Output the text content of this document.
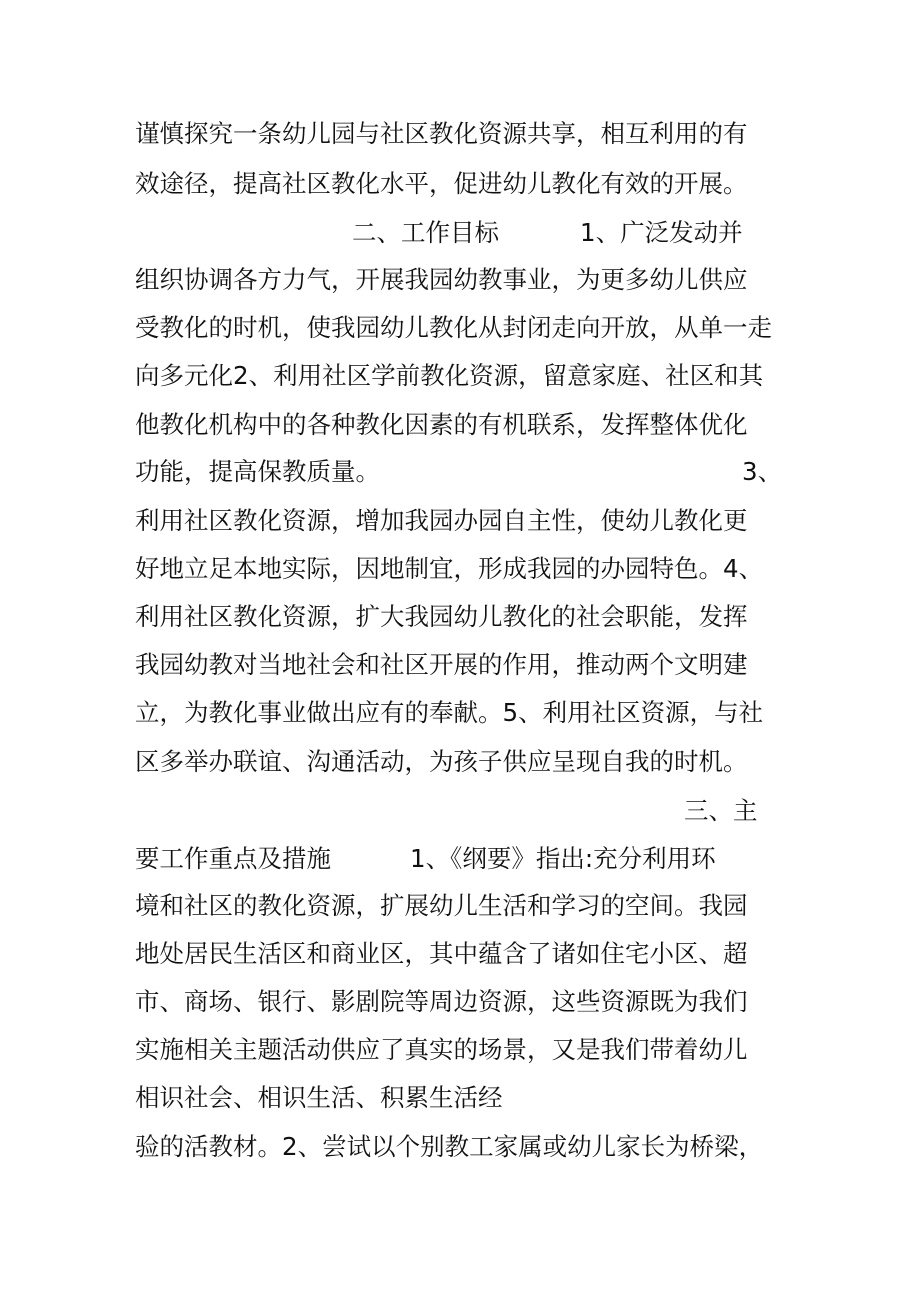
谨慎探究一条幼儿园与社区教化资源共享，相互利用的有
效途径，提高社区教化水平，促进幼儿教化有效的开展。
二、工作目标	1、广泛发动并
组织协调各方力气，开展我园幼教事业，为更多幼儿供应
受教化的时机，使我园幼儿教化从封闭走向开放，从单一走
向多元化2、利用社区学前教化资源，留意家庭、社区和其
他教化机构中的各种教化因素的有机联系，发挥整体优化
功能，提高保教质量。	3、
利用社区教化资源，增加我园办园自主性，使幼儿教化更
好地立足本地实际，因地制宜，形成我园的办园特色。4、
利用社区教化资源，扩大我园幼儿教化的社会职能，发挥
我园幼教对当地社会和社区开展的作用，推动两个文明建
立，为教化事业做出应有的奉献。5、利用社区资源，与社
区多举办联谊、沟通活动，为孩子供应呈现自我的时机。
三、主
要工作重点及措施	1、《纲要》指出:充分利用环
境和社区的教化资源，扩展幼儿生活和学习的空间。我园
地处居民生活区和商业区，其中蕴含了诸如住宅小区、超
市、商场、银行、影剧院等周边资源，这些资源既为我们
实施相关主题活动供应了真实的场景，又是我们带着幼儿
相识社会、相识生活、积累生活经
验的活教材。2、尝试以个别教工家属或幼儿家长为桥梁，
